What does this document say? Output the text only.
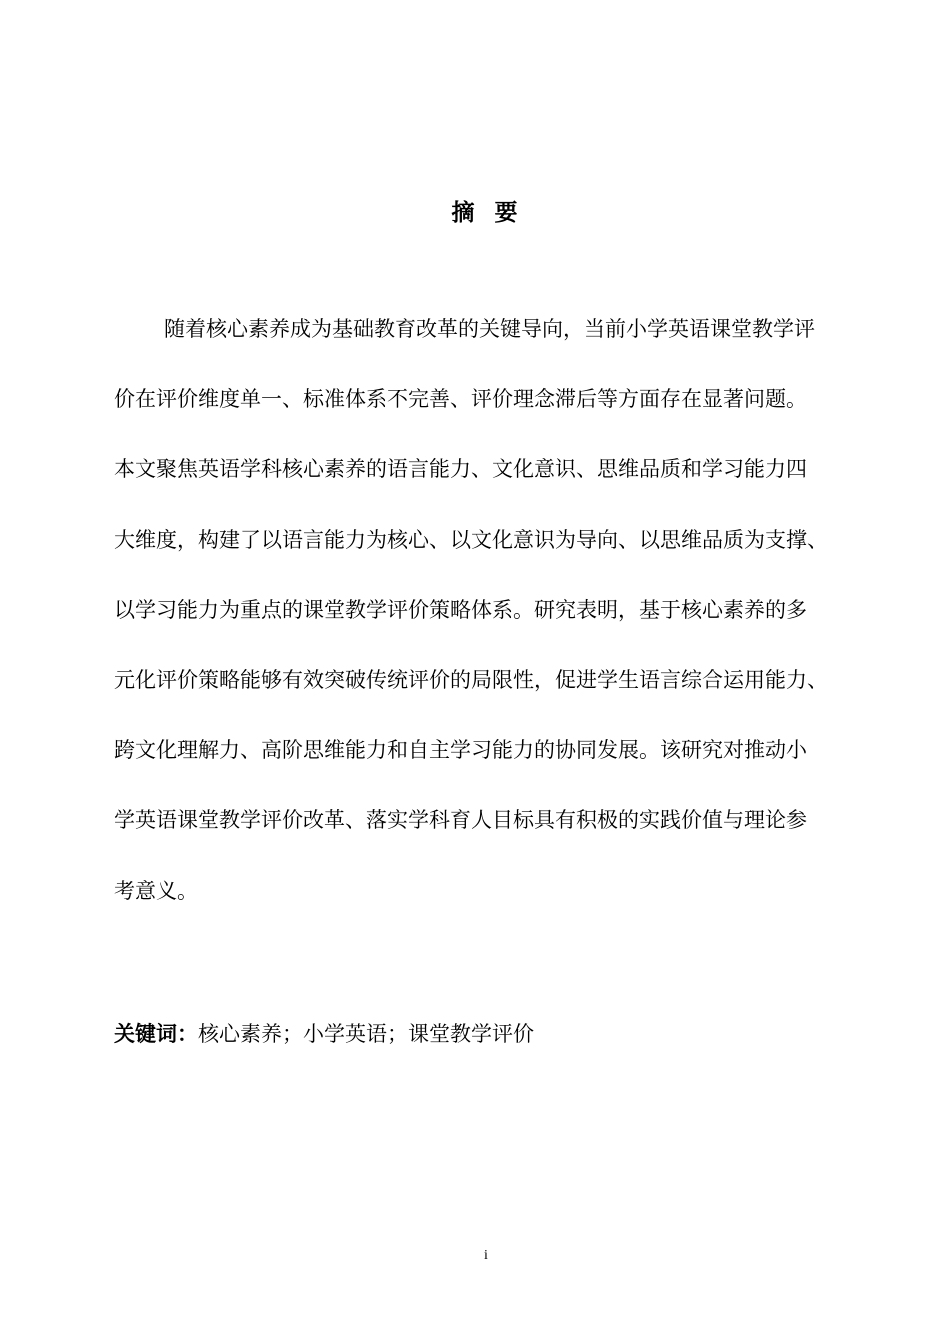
摘 要
随着核心素养成为基础教育改革的关键导向，当前小学英语课堂教学评
价在评价维度单一、标准体系不完善、评价理念滞后等方面存在显著问题。
本文聚焦英语学科核心素养的语言能力、文化意识、思维品质和学习能力四
大维度，构建了以语言能力为核心、以文化意识为导向、以思维品质为支撑、
以学习能力为重点的课堂教学评价策略体系。研究表明，基于核心素养的多
元化评价策略能够有效突破传统评价的局限性，促进学生语言综合运用能力、
跨文化理解力、高阶思维能力和自主学习能力的协同发展。该研究对推动小
学英语课堂教学评价改革、落实学科育人目标具有积极的实践价值与理论参
考意义。
关键词：核心素养；小学英语；课堂教学评价
i
